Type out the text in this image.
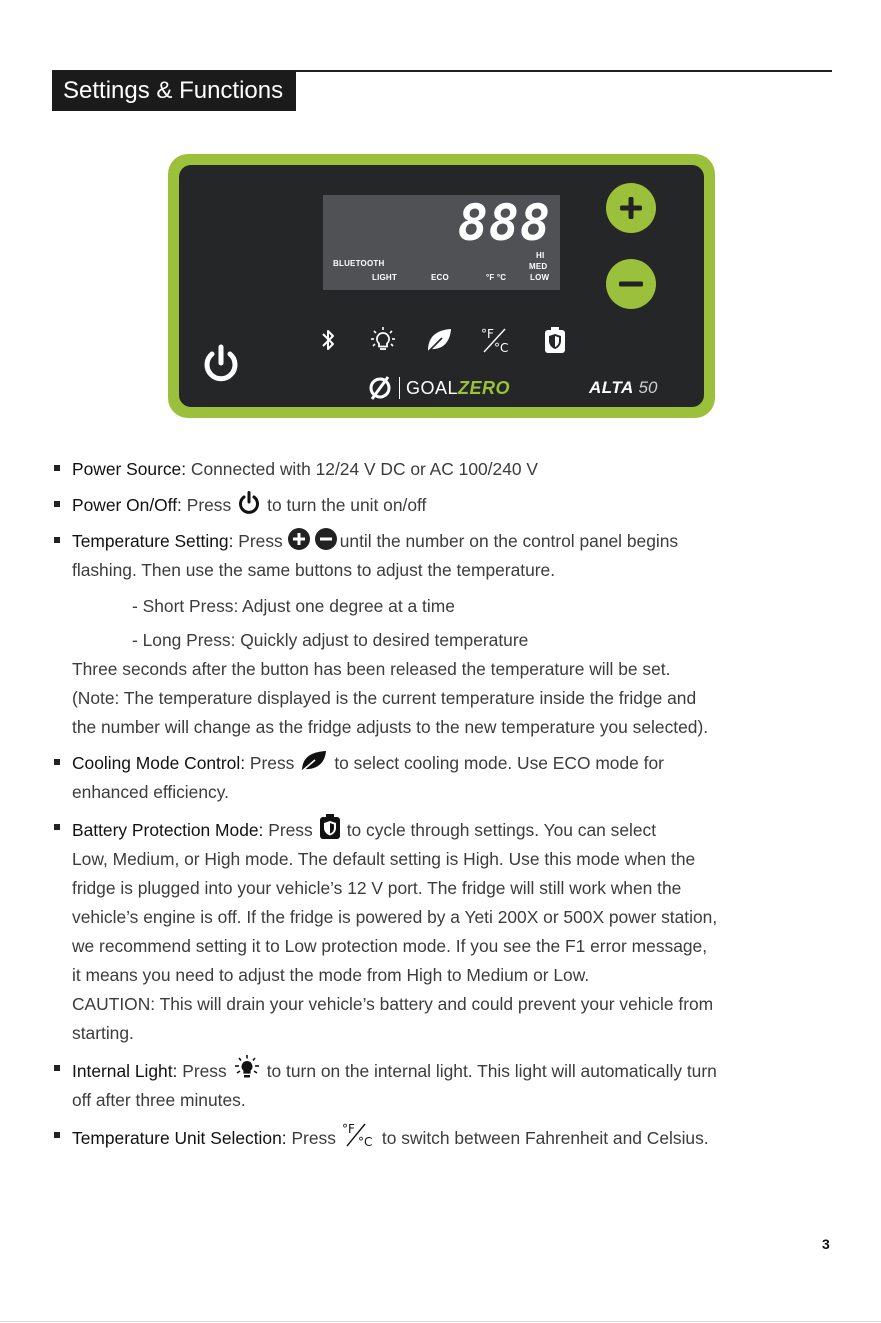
Settings & Functions
888
BLUETOOTH
LIGHT	ECO	°F °C
HI
MED
LOW
°F
°C
GOALZERO	ALTA 50
Power Source: Connected with 12/24 V DC or AC 100/240 V
Power On/Off: Press to turn the unit on/off
Temperature Setting: Press	until the number on the control panel begins
flashing. Then use the same buttons to adjust the temperature.
- Short Press: Adjust one degree at a time
- Long Press: Quickly adjust to desired temperature
Three seconds after the button has been released the temperature will be set.
(Note: The temperature displayed is the current temperature inside the fridge and
the number will change as the fridge adjusts to the new temperature you selected).
Cooling Mode Control: Press to select cooling mode. Use ECO mode for
enhanced efficiency.
Battery Protection Mode: Press to cycle through settings. You can select
Low, Medium, or High mode. The default setting is High. Use this mode when the
fridge is plugged into your vehicle’s 12 V port. The fridge will still work when the
vehicle’s engine is off. If the fridge is powered by a Yeti 200X or 500X power station,
we recommend setting it to Low protection mode. If you see the F1 error message,
it means you need to adjust the mode from High to Medium or Low.
CAUTION: This will drain your vehicle’s battery and could prevent your vehicle from
starting.
Internal Light: Press to turn on the internal light. This light will automatically turn
off after three minutes.
Temperature Unit Selection: Press °F
°C to switch between Fahrenheit and Celsius.
3
